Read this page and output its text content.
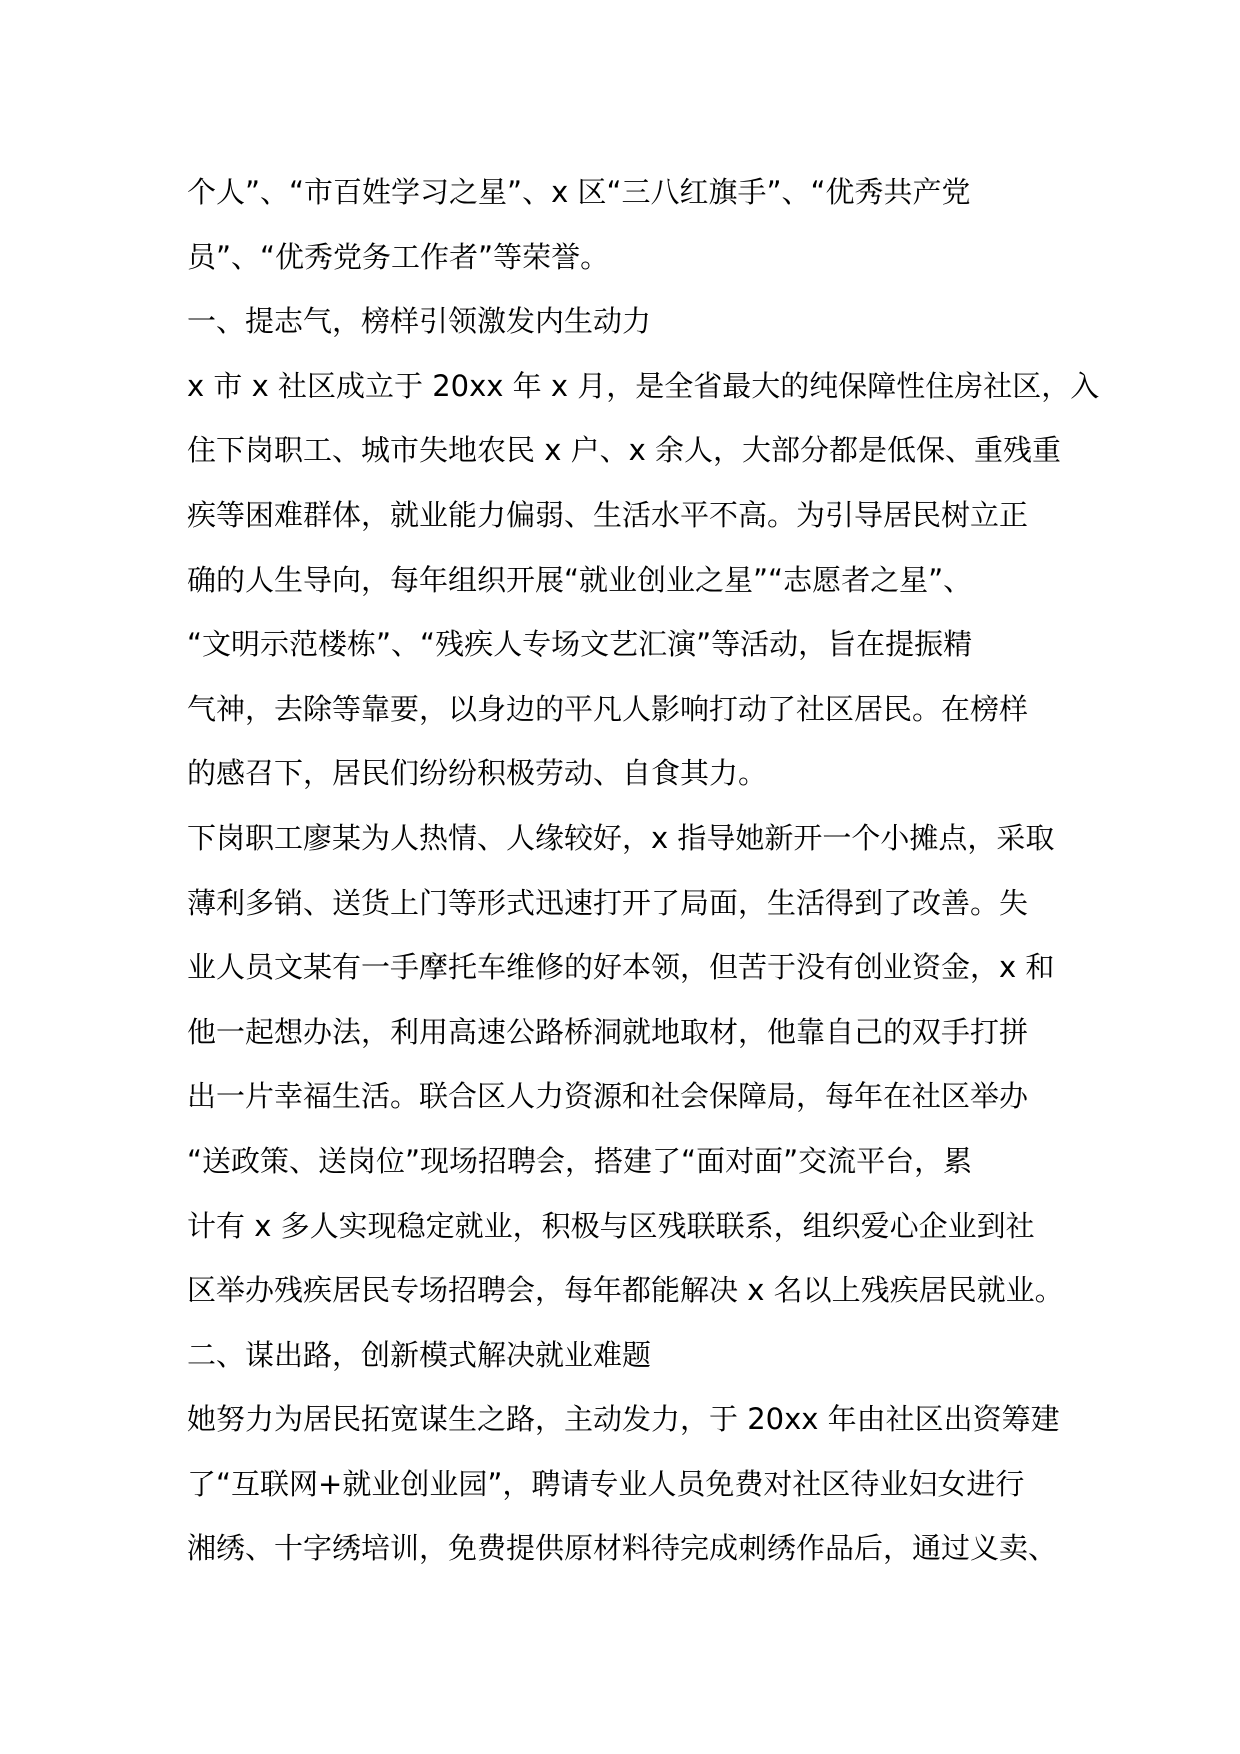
个人”、“市百姓学习之星”、x 区“三八红旗手”、“优秀共产党
员”、“优秀党务工作者”等荣誉。
一、提志气，榜样引领激发内生动力
x 市 x 社区成立于 20xx 年 x 月，是全省最大的纯保障性住房社区，入
住下岗职工、城市失地农民 x 户、x 余人，大部分都是低保、重残重
疾等困难群体，就业能力偏弱、生活水平不高。为引导居民树立正
确的人生导向，每年组织开展“就业创业之星”“志愿者之星”、
“文明示范楼栋”、“残疾人专场文艺汇演”等活动，旨在提振精
气神，去除等靠要，以身边的平凡人影响打动了社区居民。在榜样
的感召下，居民们纷纷积极劳动、自食其力。
下岗职工廖某为人热情、人缘较好，x 指导她新开一个小摊点，采取
薄利多销、送货上门等形式迅速打开了局面，生活得到了改善。失
业人员文某有一手摩托车维修的好本领，但苦于没有创业资金，x 和
他一起想办法，利用高速公路桥洞就地取材，他靠自己的双手打拼
出一片幸福生活。联合区人力资源和社会保障局，每年在社区举办
“送政策、送岗位”现场招聘会，搭建了“面对面”交流平台，累
计有 x 多人实现稳定就业，积极与区残联联系，组织爱心企业到社
区举办残疾居民专场招聘会，每年都能解决 x 名以上残疾居民就业。
二、谋出路，创新模式解决就业难题
她努力为居民拓宽谋生之路，主动发力，于 20xx 年由社区出资筹建
了“互联网+就业创业园”，聘请专业人员免费对社区待业妇女进行
湘绣、十字绣培训，免费提供原材料待完成刺绣作品后，通过义卖、
